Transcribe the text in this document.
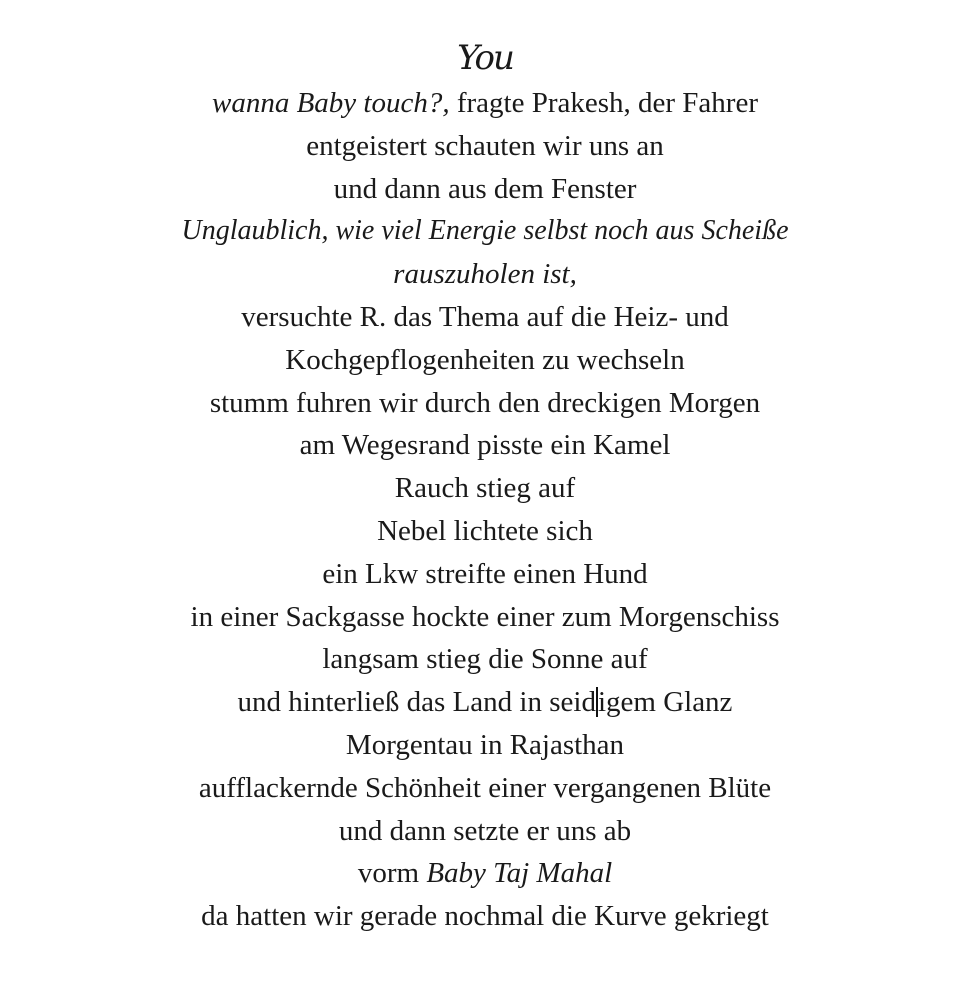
You
wanna Baby touch?, fragte Prakesh, der Fahrer
entgeistert schauten wir uns an
und dann aus dem Fenster
Unglaublich, wie viel Energie selbst noch aus Scheiße
rauszuholen ist,
versuchte R. das Thema auf die Heiz- und
Kochgepflogenheiten zu wechseln
stumm fuhren wir durch den dreckigen Morgen
am Wegesrand pisste ein Kamel
Rauch stieg auf
Nebel lichtete sich
ein Lkw streifte einen Hund
in einer Sackgasse hockte einer zum Morgenschiss
langsam stieg die Sonne auf
und hinterließ das Land in seidigem Glanz
Morgentau in Rajasthan
aufflackernde Schönheit einer vergangenen Blüte
und dann setzte er uns ab
vorm Baby Taj Mahal
da hatten wir gerade nochmal die Kurve gekriegt
